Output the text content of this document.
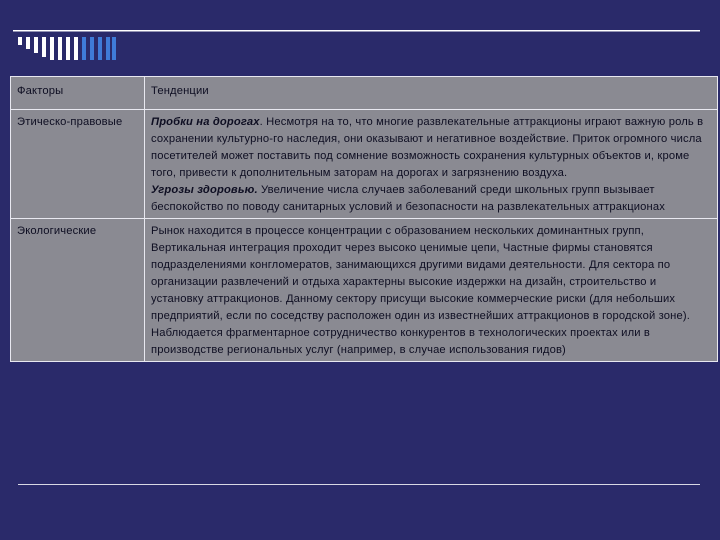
Факторы	Тенденции
Этическо-правовые	Пробки на дорогах. Несмотря на то, что многие развлекательные аттракционы играют важную роль в сохранении культурно-го наследия, они оказывают и негативное воздействие. Приток огромного числа посетителей может поставить под сомнение возможность сохранения культурных объектов и, кроме того, привести к дополнительным заторам на дорогах и загрязнению воздуха.
Угрозы здоровью. Увеличение числа случаев заболеваний среди школьных групп вызывает беспокойство по поводу санитарных условий и безопасности на развлекательных аттракционах

Экологические	Рынок находится в процессе концентрации с образованием нескольких доминантных групп, Вертикальная интеграция проходит через высоко ценимые цепи, Частные фирмы становятся подразделениями конгломератов, занимающихся другими видами деятельности. Для сектора по организации развлечений и отдыха характерны высокие издержки на дизайн, строительство и установку аттракционов. Данному сектору присущи высокие коммерческие риски (для небольших предприятий, если по соседству расположен один из известнейших аттракционов в городской зоне). Наблюдается фрагментарное сотрудничество конкурентов в технологических проектах или в производстве региональных услуг (например, в случае использования гидов)
